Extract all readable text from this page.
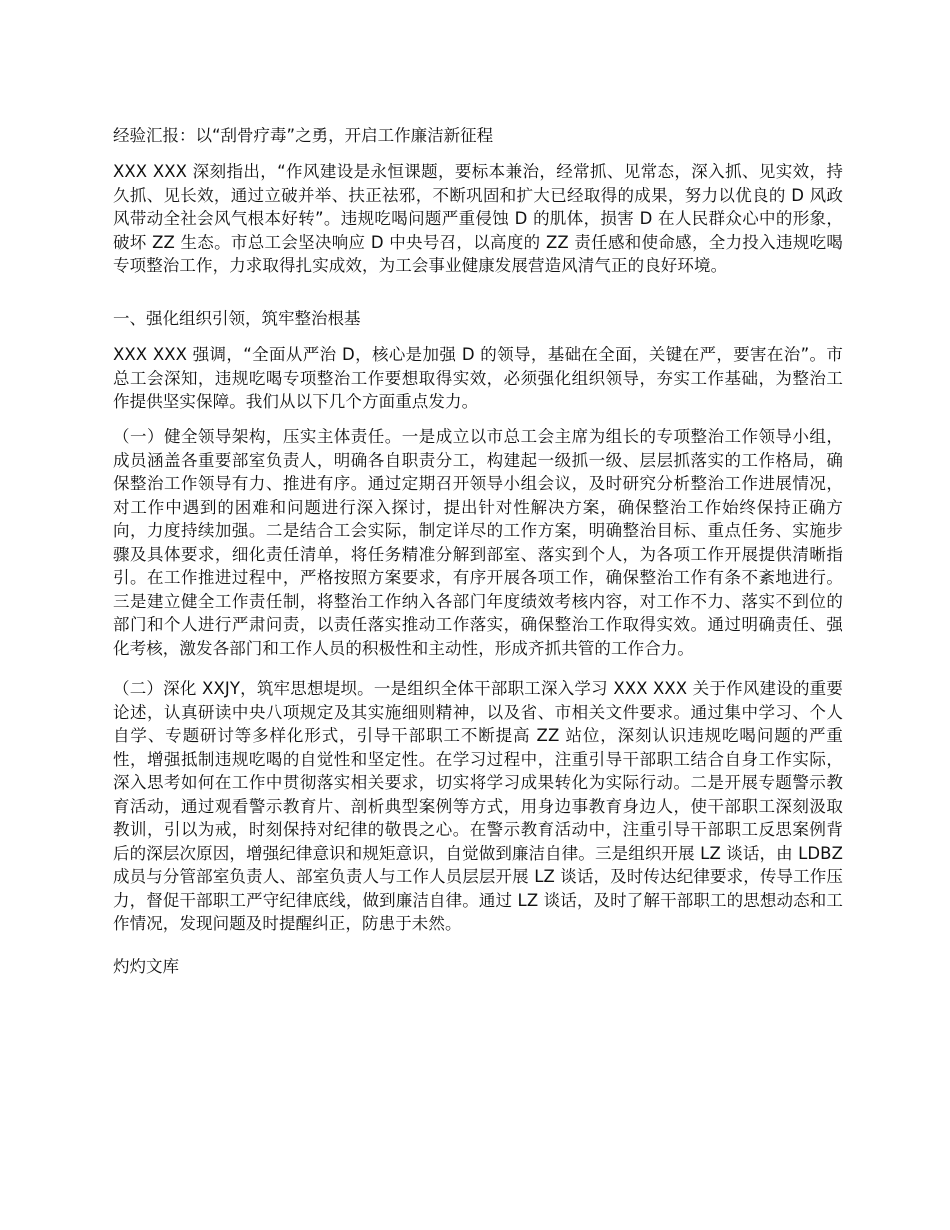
经验汇报：以“刮骨疗毒”之勇，开启工作廉洁新征程

XXX XXX 深刻指出，“作风建设是永恒课题，要标本兼治，经常抓、见常态，深入抓、见实效，持久抓、见长效，通过立破并举、扶正祛邪，不断巩固和扩大已经取得的成果，努力以优良的 D 风政风带动全社会风气根本好转”。违规吃喝问题严重侵蚀 D 的肌体，损害 D 在人民群众心中的形象，破坏 ZZ 生态。市总工会坚决响应 D 中央号召，以高度的 ZZ 责任感和使命感，全力投入违规吃喝专项整治工作，力求取得扎实成效，为工会事业健康发展营造风清气正的良好环境。

一、强化组织引领，筑牢整治根基

XXX XXX 强调，“全面从严治 D，核心是加强 D 的领导，基础在全面，关键在严，要害在治”。市总工会深知，违规吃喝专项整治工作要想取得实效，必须强化组织领导，夯实工作基础，为整治工作提供坚实保障。我们从以下几个方面重点发力。

（一）健全领导架构，压实主体责任。一是成立以市总工会主席为组长的专项整治工作领导小组，成员涵盖各重要部室负责人，明确各自职责分工，构建起一级抓一级、层层抓落实的工作格局，确保整治工作领导有力、推进有序。通过定期召开领导小组会议，及时研究分析整治工作进展情况，对工作中遇到的困难和问题进行深入探讨，提出针对性解决方案，确保整治工作始终保持正确方向，力度持续加强。二是结合工会实际，制定详尽的工作方案，明确整治目标、重点任务、实施步骤及具体要求，细化责任清单，将任务精准分解到部室、落实到个人，为各项工作开展提供清晰指引。在工作推进过程中，严格按照方案要求，有序开展各项工作，确保整治工作有条不紊地进行。三是建立健全工作责任制，将整治工作纳入各部门年度绩效考核内容，对工作不力、落实不到位的部门和个人进行严肃问责，以责任落实推动工作落实，确保整治工作取得实效。通过明确责任、强化考核，激发各部门和工作人员的积极性和主动性，形成齐抓共管的工作合力。

（二）深化 XXJY，筑牢思想堤坝。一是组织全体干部职工深入学习 XXX XXX 关于作风建设的重要论述，认真研读中央八项规定及其实施细则精神，以及省、市相关文件要求。通过集中学习、个人自学、专题研讨等多样化形式，引导干部职工不断提高 ZZ 站位，深刻认识违规吃喝问题的严重性，增强抵制违规吃喝的自觉性和坚定性。在学习过程中，注重引导干部职工结合自身工作实际，深入思考如何在工作中贯彻落实相关要求，切实将学习成果转化为实际行动。二是开展专题警示教育活动，通过观看警示教育片、剖析典型案例等方式，用身边事教育身边人，使干部职工深刻汲取教训，引以为戒，时刻保持对纪律的敬畏之心。在警示教育活动中，注重引导干部职工反思案例背后的深层次原因，增强纪律意识和规矩意识，自觉做到廉洁自律。三是组织开展 LZ 谈话，由 LDBZ 成员与分管部室负责人、部室负责人与工作人员层层开展 LZ 谈话，及时传达纪律要求，传导工作压力，督促干部职工严守纪律底线，做到廉洁自律。通过 LZ 谈话，及时了解干部职工的思想动态和工作情况，发现问题及时提醒纠正，防患于未然。

灼灼文库
